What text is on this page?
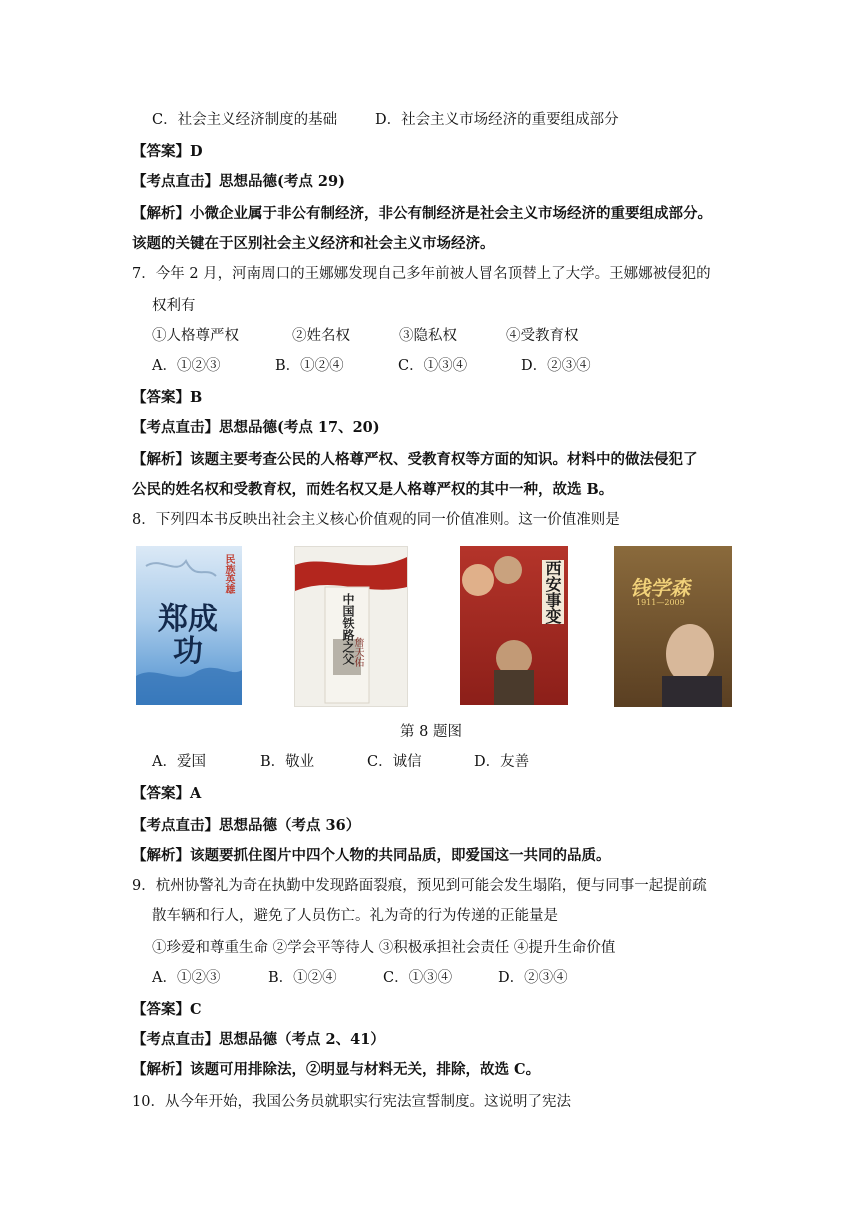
C．社会主义经济制度的基础	D．社会主义市场经济的重要组成部分
【答案】D
【考点直击】思想品德(考点 29)
【解析】小微企业属于非公有制经济，非公有制经济是社会主义市场经济的重要组成部分。
该题的关键在于区别社会主义经济和社会主义市场经济。
7．今年 2 月，河南周口的王娜娜发现自己多年前被人冒名顶替上了大学。王娜娜被侵犯的
权利有
①人格尊严权	②姓名权	③隐私权	④受教育权
A．①②③	B．①②④	C．①③④	D．②③④
【答案】B
【考点直击】思想品德(考点 17、20)
【解析】该题主要考查公民的人格尊严权、受教育权等方面的知识。材料中的做法侵犯了
公民的姓名权和受教育权，而姓名权又是人格尊严权的其中一种，故选 B。
8．下列四本书反映出社会主义核心价值观的同一价值准则。这一价值准则是
民族英雄
郑成功	中国铁路之父
詹天佑
西安事变	钱学森
1911—2009
第 8 题图
A．爱国	B．敬业	C．诚信	D．友善
【答案】A
【考点直击】思想品德（考点 36）
【解析】该题要抓住图片中四个人物的共同品质，即爱国这一共同的品质。
9．杭州协警礼为奇在执勤中发现路面裂痕，预见到可能会发生塌陷，便与同事一起提前疏
散车辆和行人，避免了人员伤亡。礼为奇的行为传递的正能量是
①珍爱和尊重生命 ②学会平等待人 ③积极承担社会责任 ④提升生命价值
A．①②③	B．①②④	C．①③④	D．②③④
【答案】C
【考点直击】思想品德（考点 2、41）
【解析】该题可用排除法，②明显与材料无关，排除，故选 C。
10．从今年开始，我国公务员就职实行宪法宣誓制度。这说明了宪法
